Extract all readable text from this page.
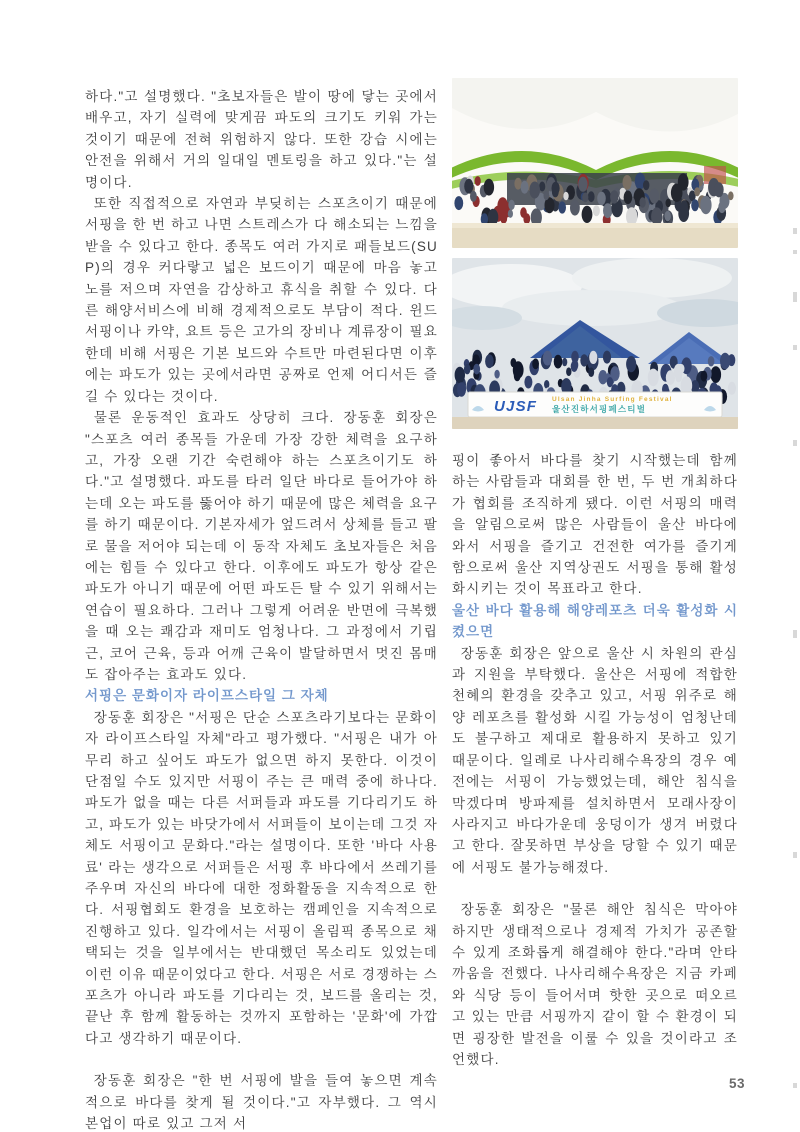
하다."고 설명했다. "초보자들은 발이 땅에 닿는 곳에서 배우고, 자기 실력에 맞게끔 파도의 크기도 키워 가는 것이기 때문에 전혀 위험하지 않다. 또한 강습 시에는 안전을 위해서 거의 일대일 멘토링을 하고 있다."는 설명이다.

또한 직접적으로 자연과 부딪히는 스포츠이기 때문에 서핑을 한 번 하고 나면 스트레스가 다 해소되는 느낌을 받을 수 있다고 한다. 종목도 여러 가지로 패들보드(SUP)의 경우 커다랗고 넓은 보드이기 때문에 마음 놓고 노를 저으며 자연을 감상하고 휴식을 취할 수 있다. 다른 해양서비스에 비해 경제적으로도 부담이 적다. 윈드서핑이나 카약, 요트 등은 고가의 장비나 계류장이 필요한데 비해 서핑은 기본 보드와 수트만 마련된다면 이후에는 파도가 있는 곳에서라면 공짜로 언제 어디서든 즐길 수 있다는 것이다.

물론 운동적인 효과도 상당히 크다. 장동훈 회장은 "스포츠 여러 종목들 가운데 가장 강한 체력을 요구하고, 가장 오랜 기간 숙련해야 하는 스포츠이기도 하다."고 설명했다. 파도를 타러 일단 바다로 들어가야 하는데 오는 파도를 뚫어야 하기 때문에 많은 체력을 요구를 하기 때문이다. 기본자세가 엎드려서 상체를 들고 팔로 물을 저어야 되는데 이 동작 자체도 초보자들은 처음에는 힘들 수 있다고 한다. 이후에도 파도가 항상 같은 파도가 아니기 때문에 어떤 파도든 탈 수 있기 위해서는 연습이 필요하다. 그러나 그렇게 어려운 반면에 극복했을 때 오는 쾌감과 재미도 엄청나다. 그 과정에서 기립근, 코어 근육, 등과 어깨 근육이 발달하면서 멋진 몸매도 잡아주는 효과도 있다.

서핑은 문화이자 라이프스타일 그 자체

장동훈 회장은 "서핑은 단순 스포츠라기보다는 문화이자 라이프스타일 자체"라고 평가했다. "서핑은 내가 아무리 하고 싶어도 파도가 없으면 하지 못한다. 이것이 단점일 수도 있지만 서핑이 주는 큰 매력 중에 하나다. 파도가 없을 때는 다른 서퍼들과 파도를 기다리기도 하고, 파도가 있는 바닷가에서 서퍼들이 보이는데 그것 자체도 서핑이고 문화다."라는 설명이다. 또한 '바다 사용료' 라는 생각으로 서퍼들은 서핑 후 바다에서 쓰레기를 주우며 자신의 바다에 대한 정화활동을 지속적으로 한다. 서핑협회도 환경을 보호하는 캠페인을 지속적으로 진행하고 있다. 일각에서는 서핑이 올림픽 종목으로 채택되는 것을 일부에서는 반대했던 목소리도 있었는데 이런 이유 때문이었다고 한다. 서핑은 서로 경쟁하는 스포츠가 아니라 파도를 기다리는 것, 보드를 올리는 것, 끝난 후 함께 활동하는 것까지 포함하는 '문화'에 가깝다고 생각하기 때문이다.

장동훈 회장은 "한 번 서핑에 발을 들여 놓으면 계속적으로 바다를 찾게 될 것이다."고 자부했다. 그 역시 본업이 따로 있고 그저 서

UJSF Ulsan Jinha Surfing Festival
울산진하서핑페스티벌

핑이 좋아서 바다를 찾기 시작했는데 함께 하는 사람들과 대회를 한 번, 두 번 개최하다가 협회를 조직하게 됐다. 이런 서핑의 매력을 알림으로써 많은 사람들이 울산 바다에 와서 서핑을 즐기고 건전한 여가를 즐기게 함으로써 울산 지역상권도 서핑을 통해 활성화시키는 것이 목표라고 한다.

울산 바다 활용해 해양레포츠 더욱 활성화 시켰으면

장동훈 회장은 앞으로 울산 시 차원의 관심과 지원을 부탁했다. 울산은 서핑에 적합한 천혜의 환경을 갖추고 있고, 서핑 위주로 해양 레포츠를 활성화 시킬 가능성이 엄청난데도 불구하고 제대로 활용하지 못하고 있기 때문이다. 일례로 나사리해수욕장의 경우 예전에는 서핑이 가능했었는데, 해안 침식을 막겠다며 방파제를 설치하면서 모래사장이 사라지고 바다가운데 웅덩이가 생겨 버렸다고 한다. 잘못하면 부상을 당할 수 있기 때문에 서핑도 불가능해졌다.

장동훈 회장은 "물론 해안 침식은 막아야 하지만 생태적으로나 경제적 가치가 공존할수 있게 조화롭게 해결해야 한다."라며 안타까움을 전했다. 나사리해수욕장은 지금 카페와 식당 등이 들어서며 핫한 곳으로 떠오르고 있는 만큼 서핑까지 같이 할 수 환경이 되면 굉장한 발전을 이룰 수 있을 것이라고 조언했다.

53
